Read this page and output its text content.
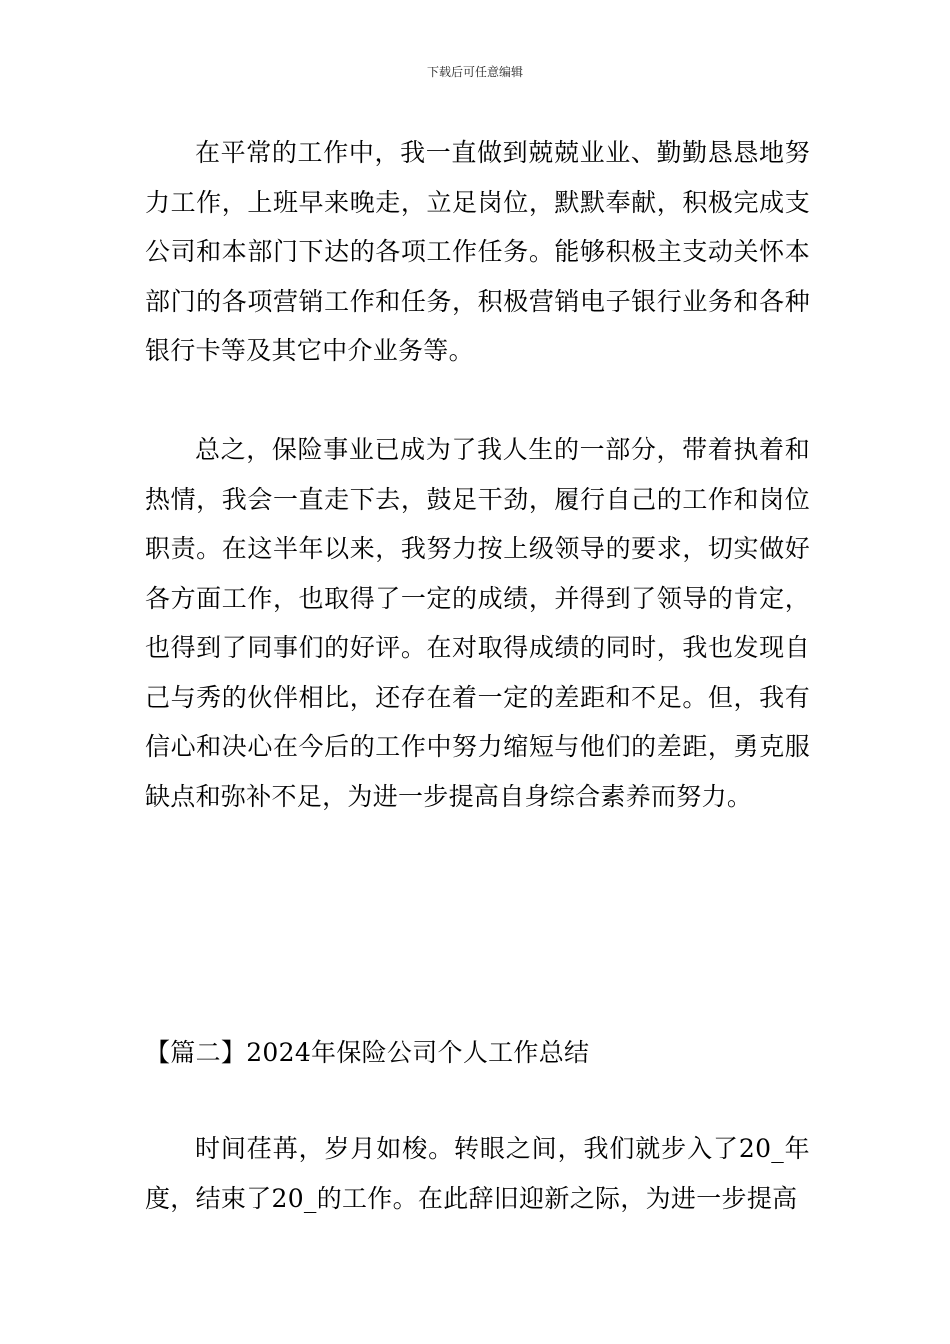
下载后可任意编辑

在平常的工作中，我一直做到兢兢业业、勤勤恳恳地努力工作，上班早来晚走，立足岗位，默默奉献，积极完成支公司和本部门下达的各项工作任务。能够积极主支动关怀本部门的各项营销工作和任务，积极营销电子银行业务和各种银行卡等及其它中介业务等。

总之，保险事业已成为了我人生的一部分，带着执着和热情，我会一直走下去，鼓足干劲，履行自己的工作和岗位职责。在这半年以来，我努力按上级领导的要求，切实做好各方面工作，也取得了一定的成绩，并得到了领导的肯定，也得到了同事们的好评。在对取得成绩的同时，我也发现自己与秀的伙伴相比，还存在着一定的差距和不足。但，我有信心和决心在今后的工作中努力缩短与他们的差距，勇克服缺点和弥补不足，为进一步提高自身综合素养而努力。

【篇二】2024年保险公司个人工作总结

时间荏苒，岁月如梭。转眼之间，我们就步入了20_年度，结束了20_的工作。在此辞旧迎新之际，为进一步提高
